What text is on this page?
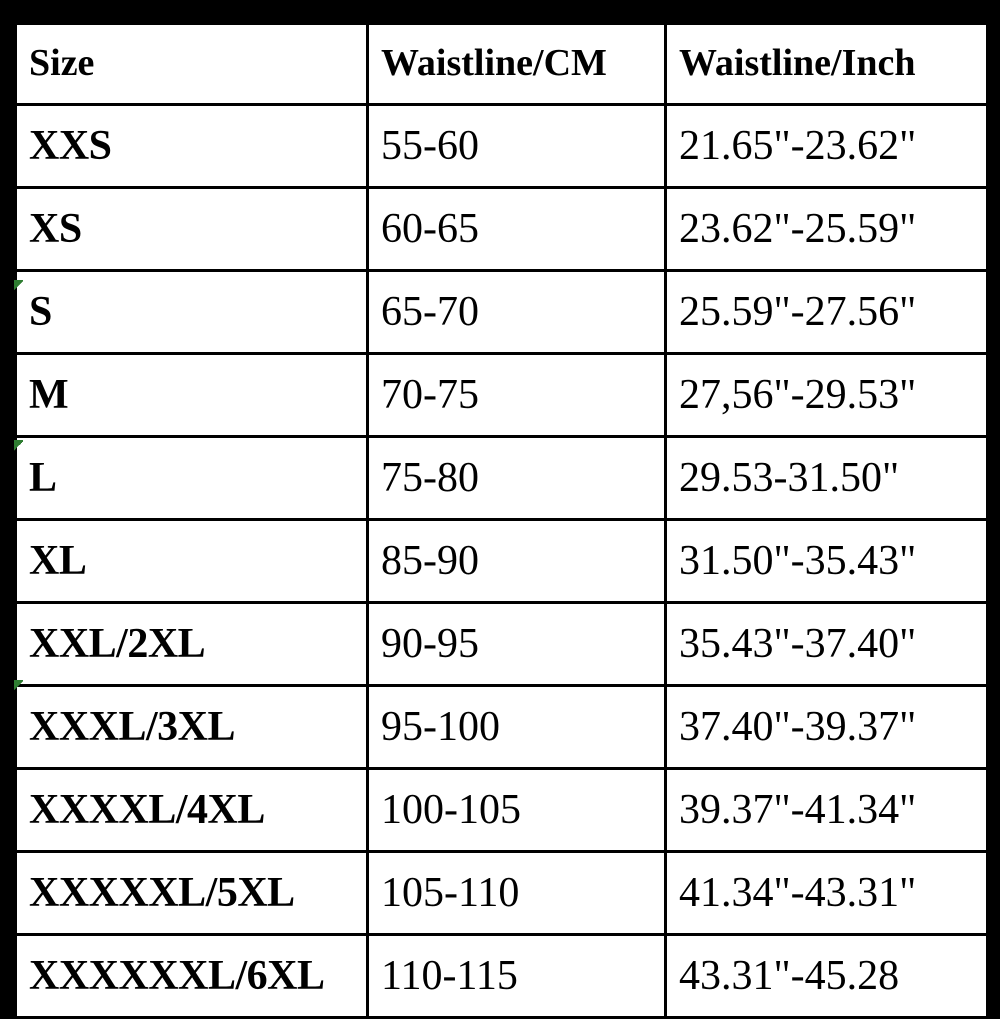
Size	Waistline/CM	Waistline/Inch
XXS	55-60	21.65"-23.62"
XS	60-65	23.62"-25.59"
S	65-70	25.59"-27.56"
M	70-75	27,56"-29.53"
L	75-80	29.53-31.50"
XL	85-90	31.50"-35.43"
XXL/2XL	90-95	35.43"-37.40"
XXXL/3XL	95-100	37.40"-39.37"
XXXXL/4XL	100-105	39.37"-41.34"
XXXXXL/5XL	105-110	41.34"-43.31"
XXXXXXL/6XL	110-115	43.31"-45.28
